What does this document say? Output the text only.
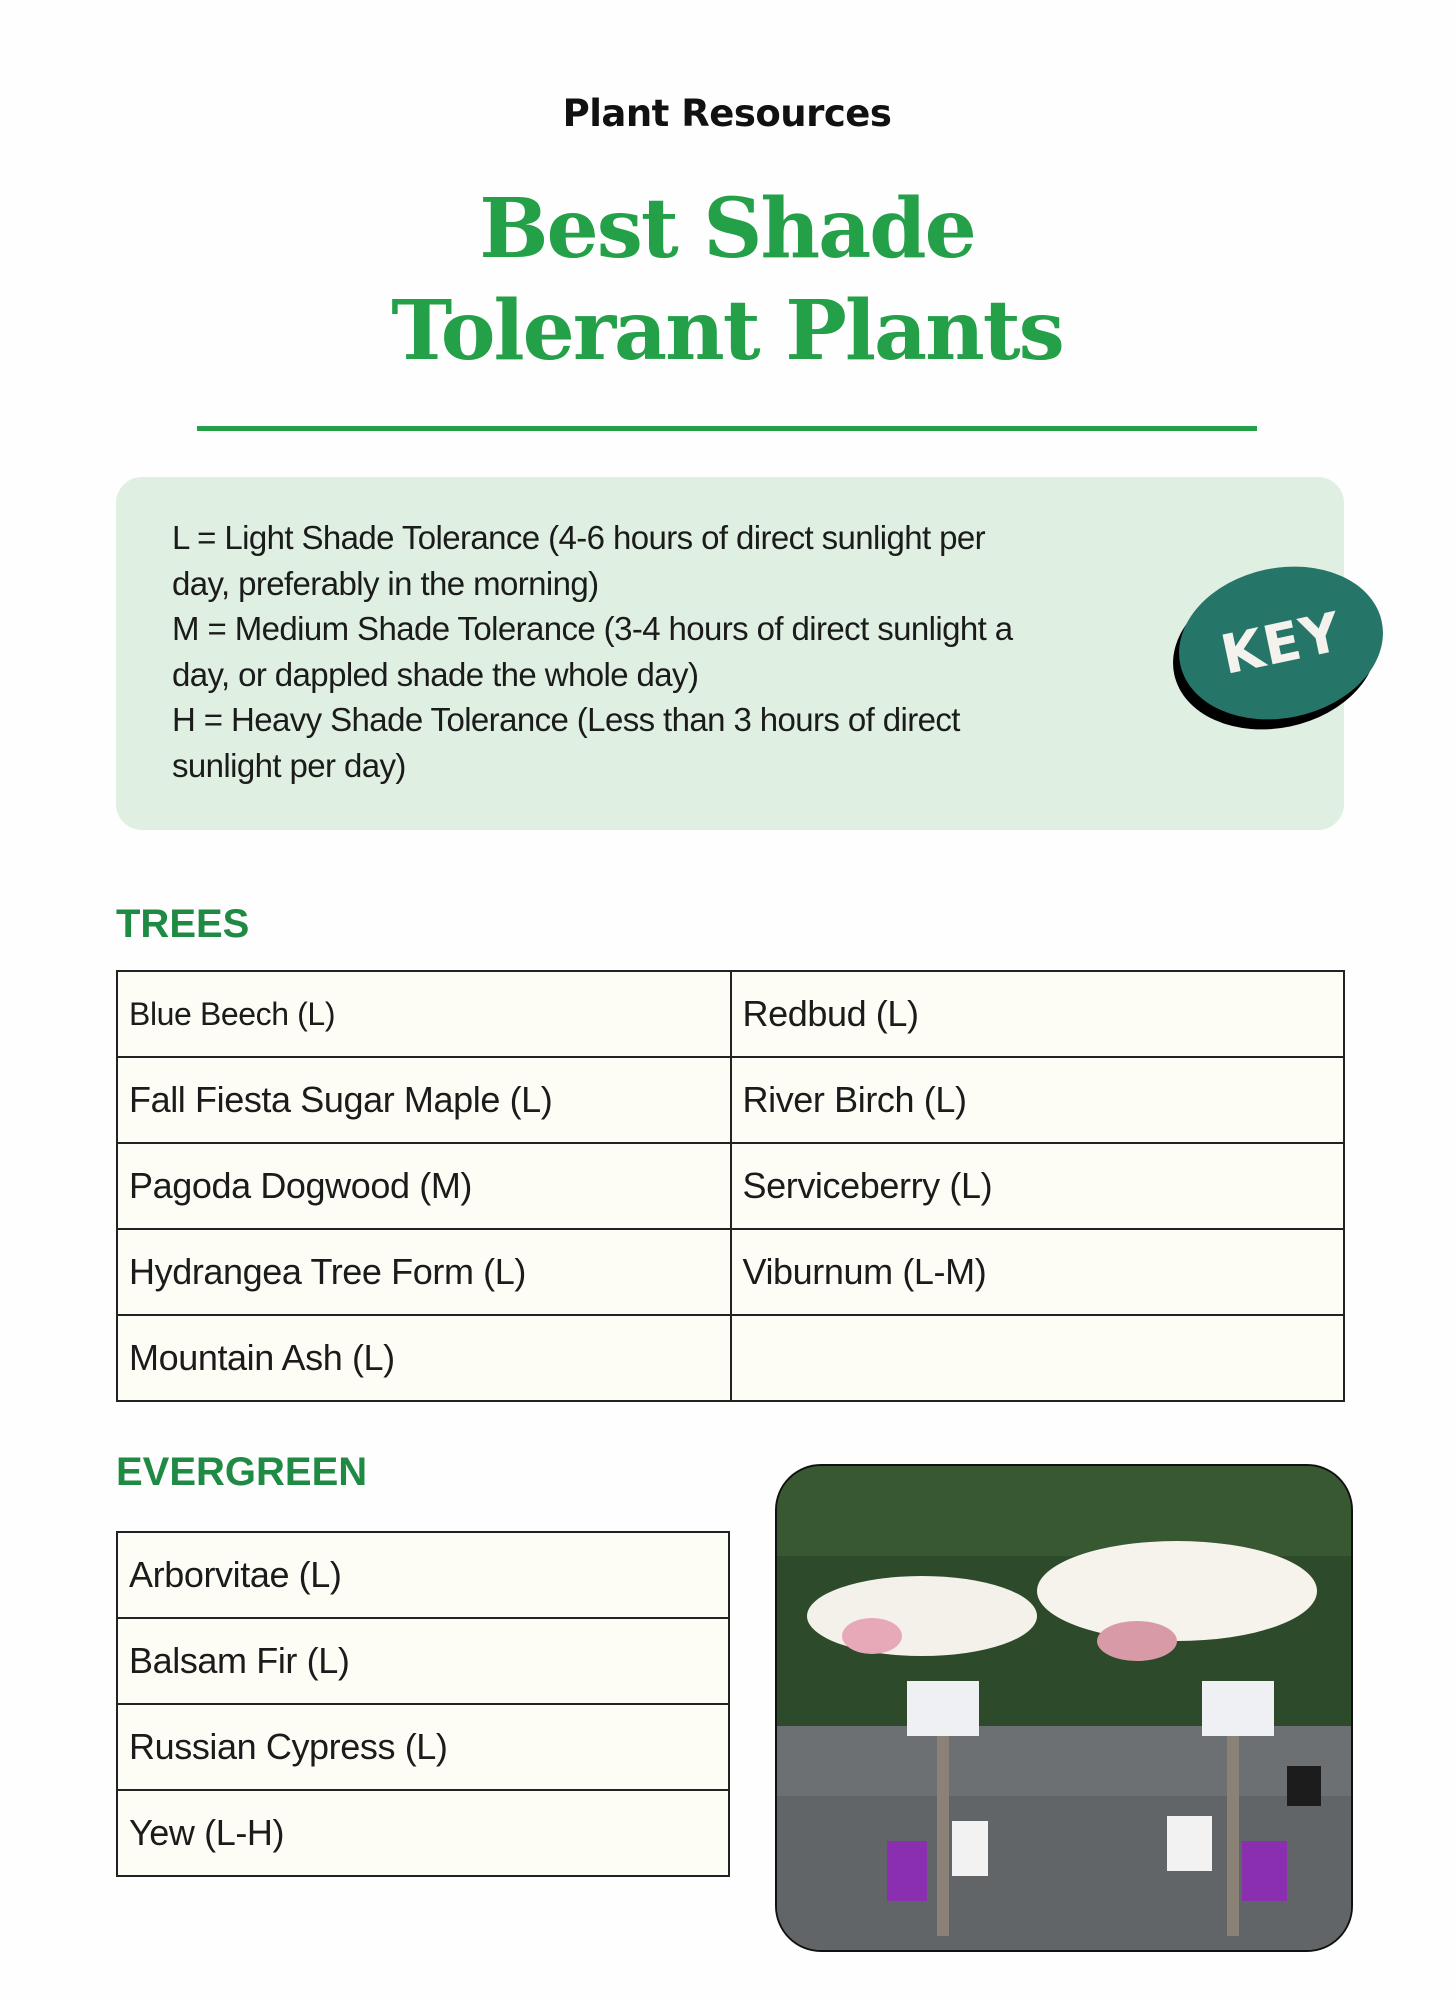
Plant Resources
Best Shade
Tolerant Plants
L = Light Shade Tolerance (4-6 hours of direct sunlight per
day, preferably in the morning)
M = Medium Shade Tolerance (3-4 hours of direct sunlight a
day, or dappled shade the whole day)
H = Heavy Shade Tolerance (Less than 3 hours of direct
sunlight per day)
KEY
TREES
Blue Beech (L)	Redbud (L)
Fall Fiesta Sugar Maple (L)	River Birch (L)
Pagoda Dogwood (M)	Serviceberry (L)
Hydrangea Tree Form (L)	Viburnum (L-M)
Mountain Ash (L)	
EVERGREEN
Arborvitae (L)
Balsam Fir (L)
Russian Cypress (L)
Yew (L-H)
